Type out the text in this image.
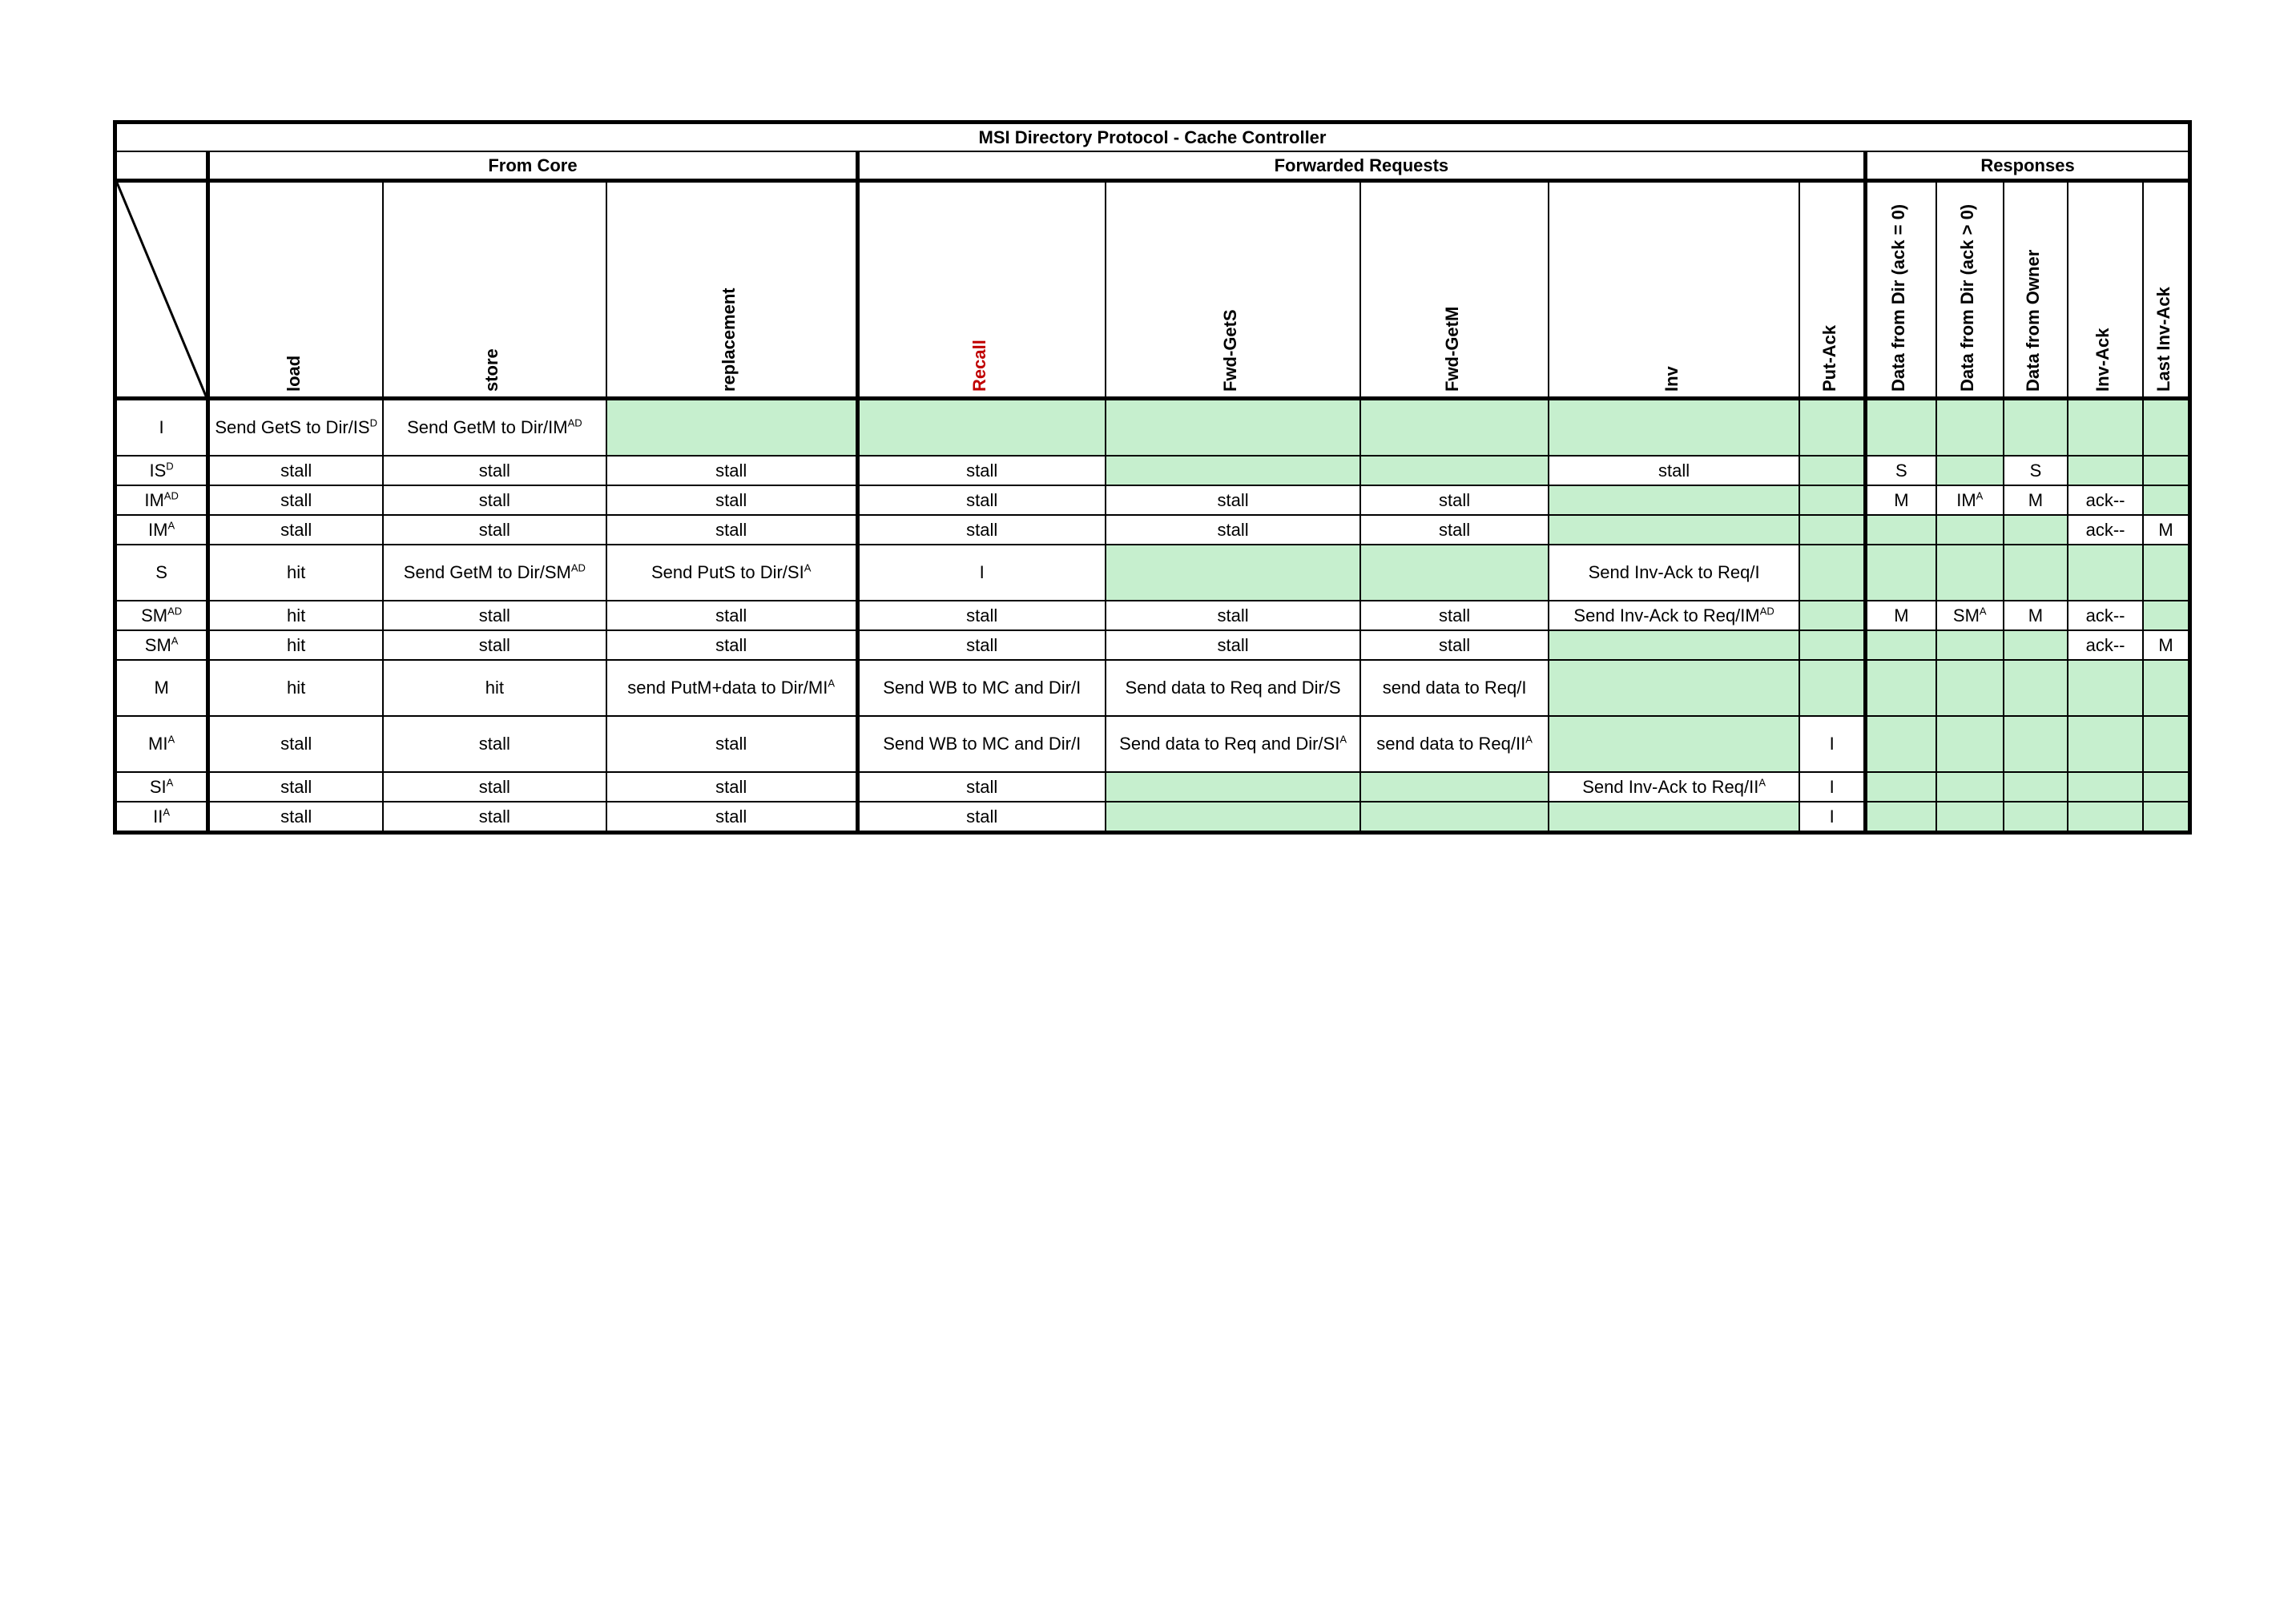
MSI Directory Protocol - Cache Controller													
	From Core			Forwarded Requests					Responses				

load	store	replacement	Recall	Fwd-GetS	Fwd-GetM	Inv	Put-Ack	Data from Dir (ack = 0)	Data from Dir (ack > 0)	Data from Owner	Inv-Ack	Last Inv-Ack

I	Send GetS to Dir/$IS^D$	Send GetM to Dir/$IM^{AD}$											
$IS^D$	stall	stall	stall	stall			stall		S		S		
$IM^{AD}$	stall	stall	stall	stall	stall	stall			M	$IM^A$	M	ack--	
$IM^A$	stall	stall	stall	stall	stall	stall						ack--	M
S	hit	Send GetM to Dir/$SM^{AD}$	Send PutS to Dir/$SI^A$	I			Send Inv-Ack to Req/I						
$SM^{AD}$	hit	stall	stall	stall	stall	stall	Send Inv-Ack to Req/$IM^{AD}$		M	$SM^A$	M	ack--	
$SM^A$	hit	stall	stall	stall	stall	stall						ack--	M
M	hit	hit	send PutM+data to Dir/$MI^A$	Send WB to MC and Dir/I	Send data to Req and Dir/S	send data to Req/I							
$MI^A$	stall	stall	stall	Send WB to MC and Dir/I	Send data to Req and Dir/$SI^A$	send data to Req/$II^A$		I					
$SI^A$	stall	stall	stall	stall			Send Inv-Ack to Req/$II^A$	I					
$II^A$	stall	stall	stall	stall				I					
